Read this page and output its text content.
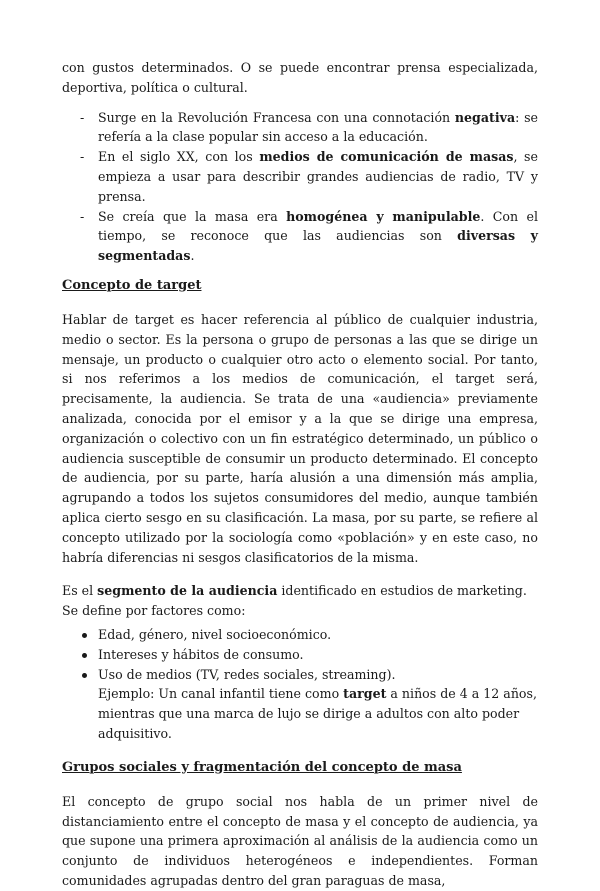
con gustos determinados. O se puede encontrar prensa especializada, deportiva, política o cultural.

- Surge en la Revolución Francesa con una connotación negativa: se refería a la clase popular sin acceso a la educación.
- En el siglo XX, con los medios de comunicación de masas, se empieza a usar para describir grandes audiencias de radio, TV y prensa.
- Se creía que la masa era homogénea y manipulable. Con el tiempo, se reconoce que las audiencias son diversas y segmentadas.
Concepto de target

Hablar de target es hacer referencia al público de cualquier industria, medio o sector. Es la persona o grupo de personas a las que se dirige un mensaje, un producto o cualquier otro acto o elemento social. Por tanto, si nos referimos a los medios de comunicación, el target será, precisamente, la audiencia. Se trata de una «audiencia» previamente analizada, conocida por el emisor y a la que se dirige una empresa, organización o colectivo con un fin estratégico determinado, un público o audiencia susceptible de consumir un producto determinado. El concepto de audiencia, por su parte, haría alusión a una dimensión más amplia, agrupando a todos los sujetos consumidores del medio, aunque también aplica cierto sesgo en su clasificación. La masa, por su parte, se refiere al concepto utilizado por la sociología como «población» y en este caso, no habría diferencias ni sesgos clasificatorios de la misma.

Es el segmento de la audiencia identificado en estudios de marketing.

Se define por factores como:

Edad, género, nivel socioeconómico.
Intereses y hábitos de consumo.
Uso de medios (TV, redes sociales, streaming).
Ejemplo: Un canal infantil tiene como target a niños de 4 a 12 años, mientras que una marca de lujo se dirige a adultos con alto poder adquisitivo.
Grupos sociales y fragmentación del concepto de masa

El concepto de grupo social nos habla de un primer nivel de distanciamiento entre el concepto de masa y el concepto de audiencia, ya que supone una primera aproximación al análisis de la audiencia como un conjunto de individuos heterogéneos e independientes. Forman comunidades agrupadas dentro del gran paraguas de masa,
